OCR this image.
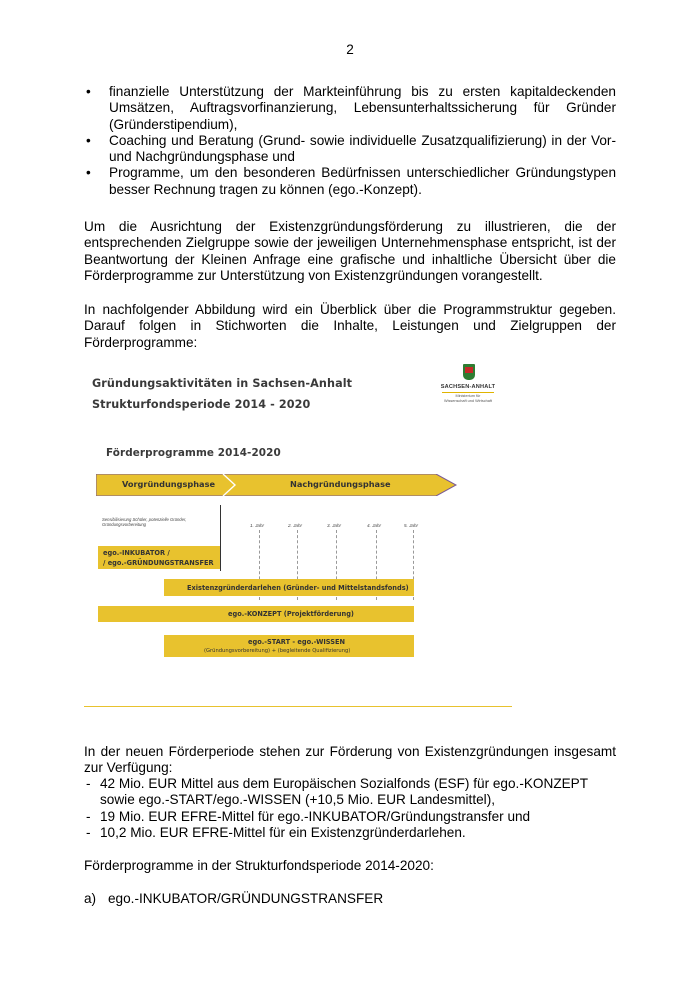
2
• finanzielle Unterstützung der Markteinführung bis zu ersten kapitaldeckenden Umsätzen, Auftragsvorfinanzierung, Lebensunterhaltssicherung für Gründer (Gründerstipendium),
• Coaching und Beratung (Grund- sowie individuelle Zusatzqualifizierung) in der Vor- und Nachgründungsphase und
• Programme, um den besonderen Bedürfnissen unterschiedlicher Gründungstypen besser Rechnung tragen zu können (ego.-Konzept).

Um die Ausrichtung der Existenzgründungsförderung zu illustrieren, die der entsprechenden Zielgruppe sowie der jeweiligen Unternehmensphase entspricht, ist der Beantwortung der Kleinen Anfrage eine grafische und inhaltliche Übersicht über die Förderprogramme zur Unterstützung von Existenzgründungen vorangestellt.

In nachfolgender Abbildung wird ein Überblick über die Programmstruktur gegeben. Darauf folgen in Stichworten die Inhalte, Leistungen und Zielgruppen der Förderprogramme:

Gründungsaktivitäten in Sachsen-Anhalt
Strukturfondsperiode 2014 - 2020
SACHSEN-ANHALT
Ministerium für
Wissenschaft und Wirtschaft
Förderprogramme 2014-2020
Vorgründungsphase	Nachgründungsphase
Sensibilisierung Schüler, potenzielle Gründer,
Gründungsvorbereitung	1. Jahr	2. Jahr	3. Jahr	4. Jahr	5. Jahr
ego.-INKUBATOR /
/ ego.-GRÜNDUNGSTRANSFER
Existenzgründerdarlehen (Gründer- und Mittelstandsfonds)
ego.-KONZEPT (Projektförderung)
ego.-START - ego.-WISSEN
(Gründungsvorbereitung) + (begleitende Qualifizierung)

In der neuen Förderperiode stehen zur Förderung von Existenzgründungen insgesamt zur Verfügung:

- 42 Mio. EUR Mittel aus dem Europäischen Sozialfonds (ESF) für ego.-KONZEPT sowie ego.-START/ego.-WISSEN (+10,5 Mio. EUR Landesmittel),
- 19 Mio. EUR EFRE-Mittel für ego.-INKUBATOR/Gründungstransfer und
- 10,2 Mio. EUR EFRE-Mittel für ein Existenzgründerdarlehen.

Förderprogramme in der Strukturfondsperiode 2014-2020:

a) ego.-INKUBATOR/GRÜNDUNGSTRANSFER
